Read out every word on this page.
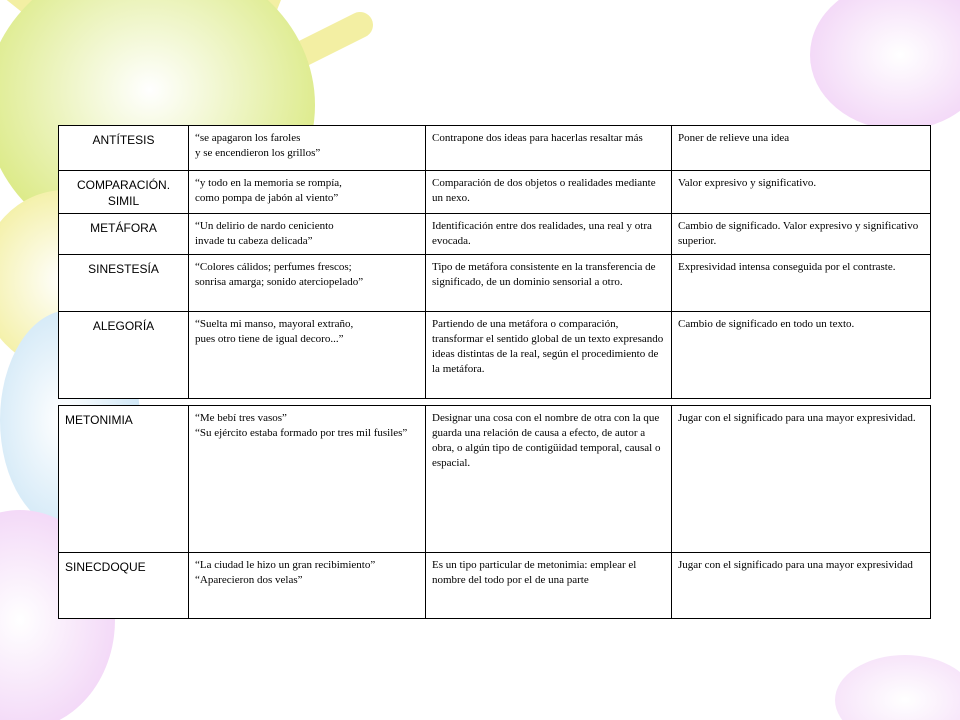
ANTÍTESIS	“se apagaron los faroles
y se encendieron los grillos”	Contrapone dos ideas para hacerlas resaltar más	Poner de relieve una idea
COMPARACIÓN. SIMIL	“y todo en la memoria se rompía,
como pompa de jabón al viento”	Comparación de dos objetos o realidades mediante un nexo.	Valor expresivo y significativo.
METÁFORA	“Un delirio de nardo ceniciento
invade tu cabeza delicada”	Identificación entre dos realidades, una real y otra evocada.	Cambio de significado. Valor expresivo y significativo superior.
SINESTESÍA	“Colores cálidos; perfumes frescos;
sonrisa amarga; sonido aterciopelado”	Tipo de metáfora consistente en la transferencia de significado, de un dominio sensorial a otro.	Expresividad intensa conseguida por el contraste.
ALEGORÍA	“Suelta mi manso, mayoral extraño,
pues otro tiene de igual decoro...”	Partiendo de una metáfora o comparación, transformar el sentido global de un texto expresando ideas distintas de la real, según el procedimiento de la metáfora.	Cambio de significado en todo un texto.
METONIMIA	“Me bebí tres vasos”
“Su ejército estaba formado por tres mil fusiles”	Designar una cosa con el nombre de otra con la que guarda una relación de causa a efecto, de autor a obra, o algún tipo de contigüidad temporal, causal o espacial.	Jugar con el significado para una mayor expresividad.
SINECDOQUE	“La ciudad le hizo un gran recibimiento”
“Aparecieron dos velas”	Es un tipo particular de metonimia: emplear el nombre del todo por el de una parte	Jugar con el significado para una mayor expresividad
